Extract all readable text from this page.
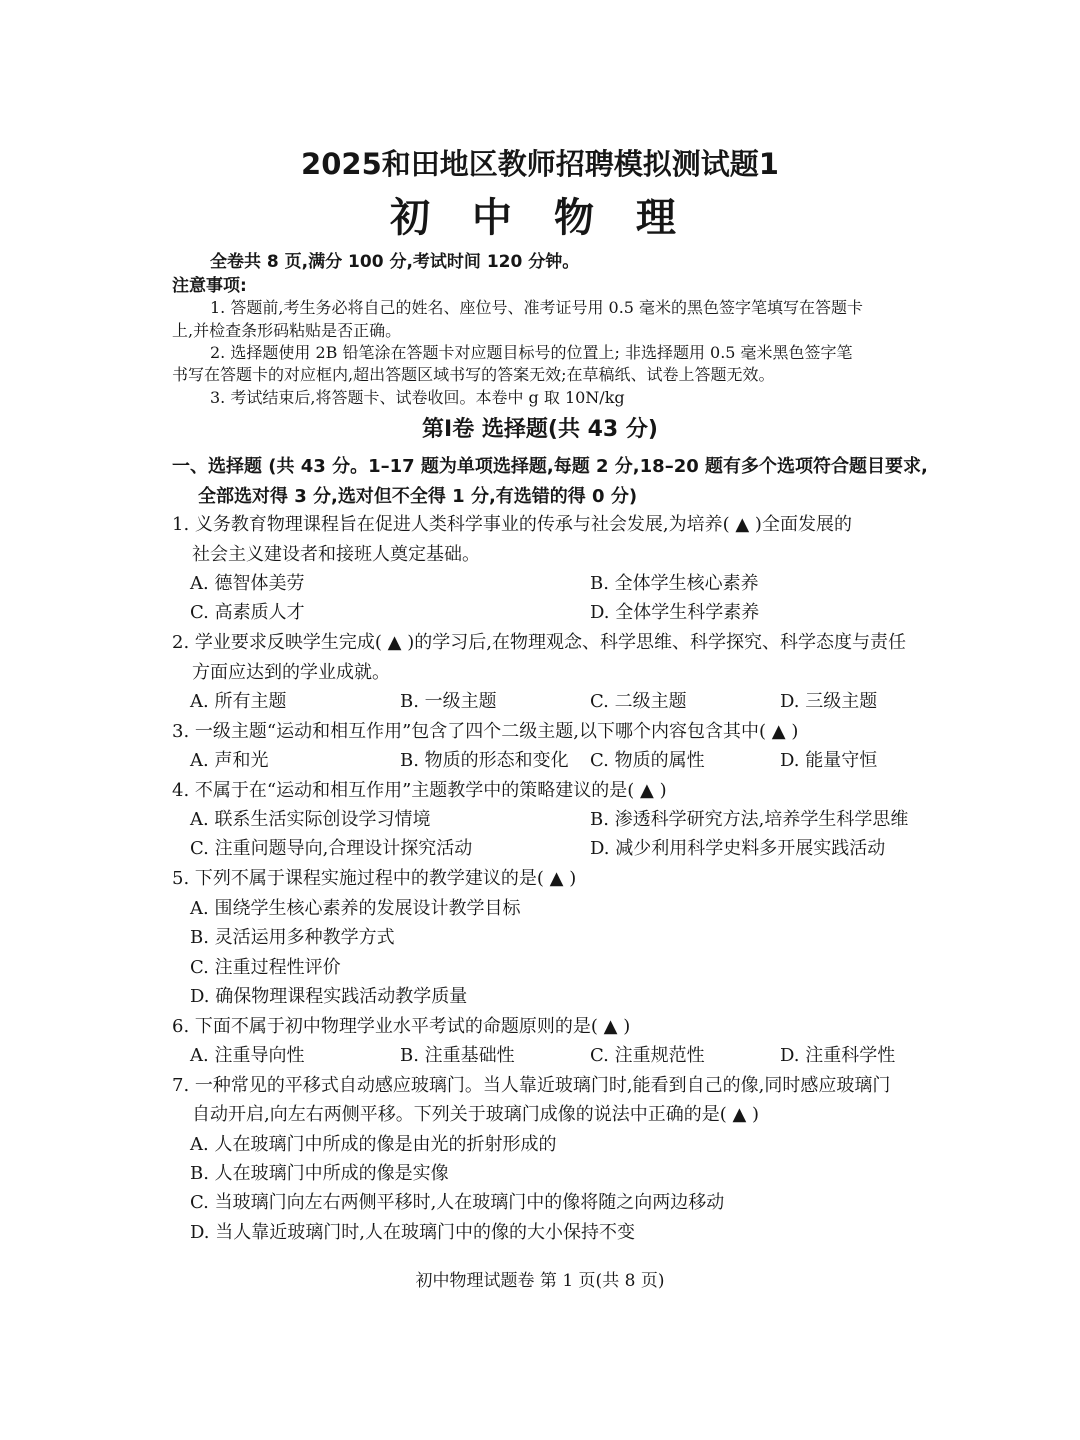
2025和田地区教师招聘模拟测试题1
初 中 物 理
全卷共 8 页,满分 100 分,考试时间 120 分钟。
注意事项:
1. 答题前,考生务必将自己的姓名、座位号、准考证号用 0.5 毫米的黑色签字笔填写在答题卡
上,并检查条形码粘贴是否正确。
2. 选择题使用 2B 铅笔涂在答题卡对应题目标号的位置上; 非选择题用 0.5 毫米黑色签字笔
书写在答题卡的对应框内,超出答题区域书写的答案无效;在草稿纸、试卷上答题无效。
3. 考试结束后,将答题卡、试卷收回。本卷中 g 取 10N/kg
第Ⅰ卷 选择题(共 43 分)
一、选择题 (共 43 分。1–17 题为单项选择题,每题 2 分,18–20 题有多个选项符合题目要求,
全部选对得 3 分,选对但不全得 1 分,有选错的得 0 分)
1. 义务教育物理课程旨在促进人类科学事业的传承与社会发展,为培养( ▲ )全面发展的
社会主义建设者和接班人奠定基础。
A. 德智体美劳	B. 全体学生核心素养
C. 高素质人才	D. 全体学生科学素养
2. 学业要求反映学生完成( ▲ )的学习后,在物理观念、科学思维、科学探究、科学态度与责任
方面应达到的学业成就。
A. 所有主题	B. 一级主题	C. 二级主题	D. 三级主题
3. 一级主题“运动和相互作用”包含了四个二级主题,以下哪个内容包含其中( ▲ )
A. 声和光	B. 物质的形态和变化 C. 物质的属性	D. 能量守恒
4. 不属于在“运动和相互作用”主题教学中的策略建议的是( ▲ )
A. 联系生活实际创设学习情境	B. 渗透科学研究方法,培养学生科学思维
C. 注重问题导向,合理设计探究活动	D. 减少利用科学史料多开展实践活动
5. 下列不属于课程实施过程中的教学建议的是( ▲ )
A. 围绕学生核心素养的发展设计教学目标
B. 灵活运用多种教学方式
C. 注重过程性评价
D. 确保物理课程实践活动教学质量
6. 下面不属于初中物理学业水平考试的命题原则的是( ▲ )
A. 注重导向性	B. 注重基础性	C. 注重规范性	D. 注重科学性
7. 一种常见的平移式自动感应玻璃门。当人靠近玻璃门时,能看到自己的像,同时感应玻璃门
自动开启,向左右两侧平移。下列关于玻璃门成像的说法中正确的是( ▲ )
A. 人在玻璃门中所成的像是由光的折射形成的
B. 人在玻璃门中所成的像是实像
C. 当玻璃门向左右两侧平移时,人在玻璃门中的像将随之向两边移动
D. 当人靠近玻璃门时,人在玻璃门中的像的大小保持不变
初中物理试题卷 第 1 页(共 8 页)
